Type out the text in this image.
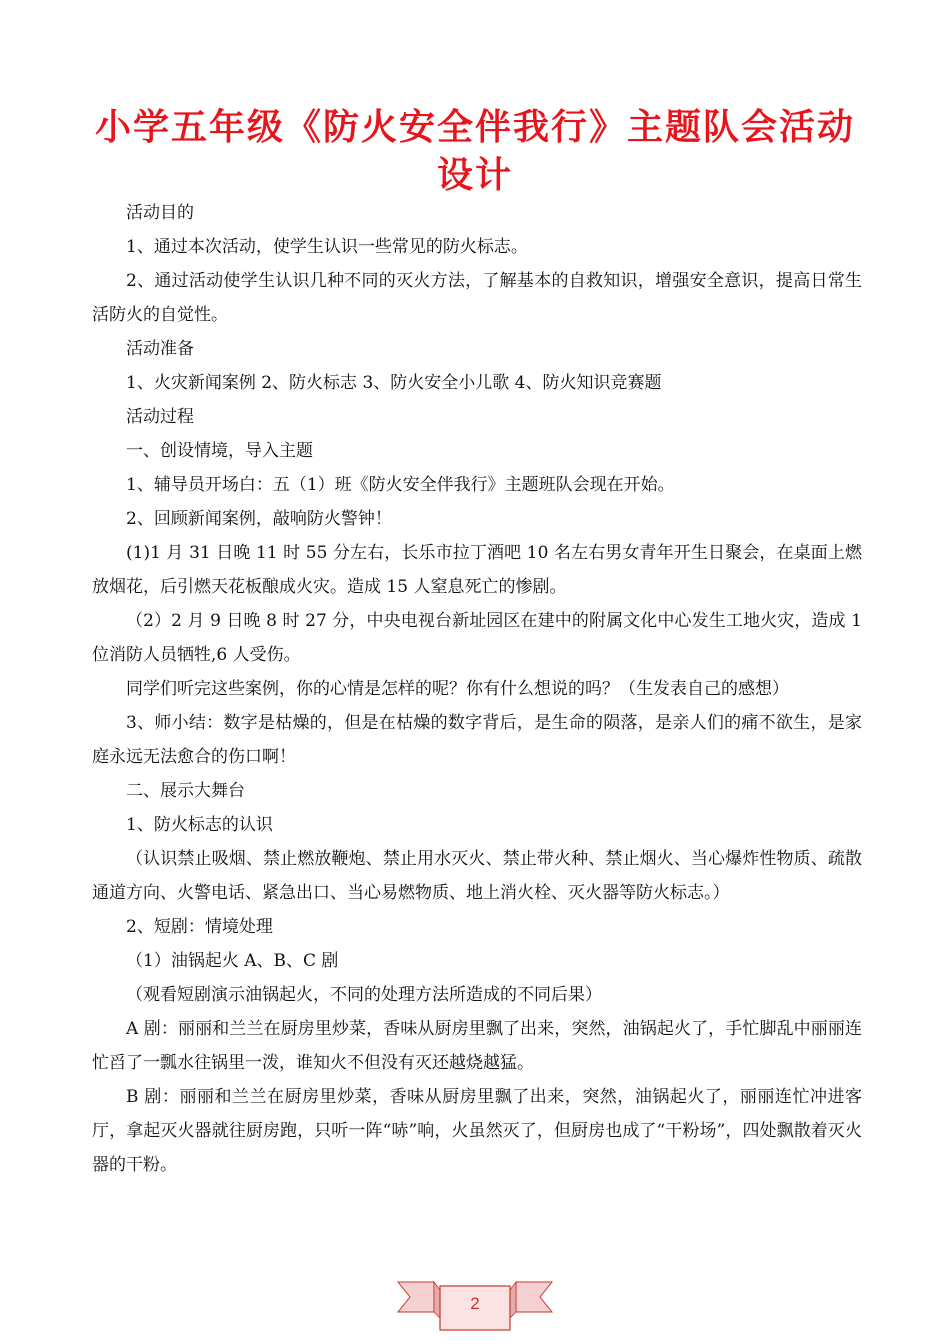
小学五年级《防火安全伴我行》主题队会活动
设计

活动目的

1、通过本次活动，使学生认识一些常见的防火标志。

2、通过活动使学生认识几种不同的灭火方法，了解基本的自救知识，增强安全意识，提高日常生活防火的自觉性。

活动准备

1、火灾新闻案例 2、防火标志 3、防火安全小儿歌 4、防火知识竞赛题

活动过程

一、创设情境，导入主题

1、辅导员开场白：五（1）班《防火安全伴我行》主题班队会现在开始。

2、回顾新闻案例，敲响防火警钟！

(1)1 月 31 日晚 11 时 55 分左右，长乐市拉丁酒吧 10 名左右男女青年开生日聚会，在桌面上燃放烟花，后引燃天花板酿成火灾。造成 15 人窒息死亡的惨剧。

（2）2 月 9 日晚 8 时 27 分，中央电视台新址园区在建中的附属文化中心发生工地火灾，造成 1 位消防人员牺牲,6 人受伤。

同学们听完这些案例，你的心情是怎样的呢？你有什么想说的吗？（生发表自己的感想）

3、师小结：数字是枯燥的，但是在枯燥的数字背后，是生命的陨落，是亲人们的痛不欲生，是家庭永远无法愈合的伤口啊！

二、展示大舞台

1、防火标志的认识

（认识禁止吸烟、禁止燃放鞭炮、禁止用水灭火、禁止带火种、禁止烟火、当心爆炸性物质、疏散通道方向、火警电话、紧急出口、当心易燃物质、地上消火栓、灭火器等防火标志。）

2、短剧：情境处理

（1）油锅起火 A、B、C 剧

（观看短剧演示油锅起火，不同的处理方法所造成的不同后果）

A 剧：丽丽和兰兰在厨房里炒菜，香味从厨房里飘了出来，突然，油锅起火了，手忙脚乱中丽丽连忙舀了一瓢水往锅里一泼，谁知火不但没有灭还越烧越猛。

B 剧：丽丽和兰兰在厨房里炒菜，香味从厨房里飘了出来，突然，油锅起火了，丽丽连忙冲进客厅，拿起灭火器就往厨房跑，只听一阵“哧”响，火虽然灭了，但厨房也成了“干粉场”，四处飘散着灭火器的干粉。

2
